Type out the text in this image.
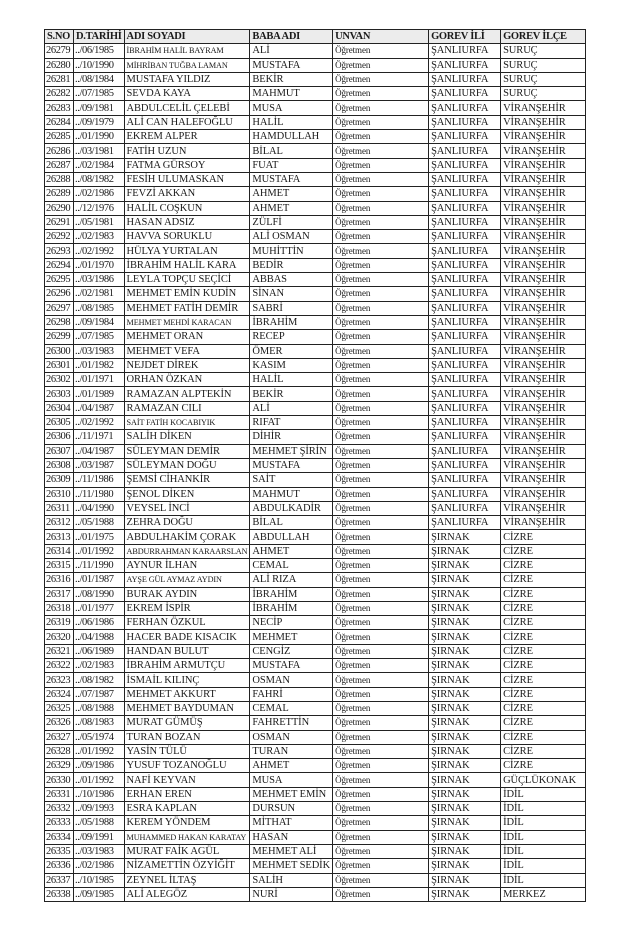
S.NO	D.TARİHİ	ADI SOYADI	BABA ADI	UNVAN	GOREV İLİ	GOREV İLÇE
26279	../06/1985	İBRAHİM HALİL BAYRAM	ALİ	Öğretmen	ŞANLIURFA	SURUÇ
26280	../10/1990	MİHRİBAN TUĞBA LAMAN	MUSTAFA	Öğretmen	ŞANLIURFA	SURUÇ
26281	../08/1984	MUSTAFA YILDIZ	BEKİR	Öğretmen	ŞANLIURFA	SURUÇ
26282	../07/1985	SEVDA KAYA	MAHMUT	Öğretmen	ŞANLIURFA	SURUÇ
26283	../09/1981	ABDULCELİL ÇELEBİ	MUSA	Öğretmen	ŞANLIURFA	VİRANŞEHİR
26284	../09/1979	ALİ CAN HALEFOĞLU	HALİL	Öğretmen	ŞANLIURFA	VİRANŞEHİR
26285	../01/1990	EKREM ALPER	HAMDULLAH	Öğretmen	ŞANLIURFA	VİRANŞEHİR
26286	../03/1981	FATİH UZUN	BİLAL	Öğretmen	ŞANLIURFA	VİRANŞEHİR
26287	../02/1984	FATMA GÜRSOY	FUAT	Öğretmen	ŞANLIURFA	VİRANŞEHİR
26288	../08/1982	FESİH ULUMASKAN	MUSTAFA	Öğretmen	ŞANLIURFA	VİRANŞEHİR
26289	../02/1986	FEVZİ AKKAN	AHMET	Öğretmen	ŞANLIURFA	VİRANŞEHİR
26290	../12/1976	HALİL COŞKUN	AHMET	Öğretmen	ŞANLIURFA	VİRANŞEHİR
26291	../05/1981	HASAN ADSIZ	ZÜLFİ	Öğretmen	ŞANLIURFA	VİRANŞEHİR
26292	../02/1983	HAVVA SORUKLU	ALİ OSMAN	Öğretmen	ŞANLIURFA	VİRANŞEHİR
26293	../02/1992	HÜLYA YURTALAN	MUHİTTİN	Öğretmen	ŞANLIURFA	VİRANŞEHİR
26294	../01/1970	İBRAHİM HALİL KARA	BEDİR	Öğretmen	ŞANLIURFA	VİRANŞEHİR
26295	../03/1986	LEYLA TOPÇU SEÇİCİ	ABBAS	Öğretmen	ŞANLIURFA	VİRANŞEHİR
26296	../02/1981	MEHMET EMİN KUDİN	SİNAN	Öğretmen	ŞANLIURFA	VİRANŞEHİR
26297	../08/1985	MEHMET FATİH DEMİR	SABRİ	Öğretmen	ŞANLIURFA	VİRANŞEHİR
26298	../09/1984	MEHMET MEHDİ KARACAN	İBRAHİM	Öğretmen	ŞANLIURFA	VİRANŞEHİR
26299	../07/1985	MEHMET ORAN	RECEP	Öğretmen	ŞANLIURFA	VİRANŞEHİR
26300	../03/1983	MEHMET VEFA	ÖMER	Öğretmen	ŞANLIURFA	VİRANŞEHİR
26301	../01/1982	NEJDET DİREK	KASIM	Öğretmen	ŞANLIURFA	VİRANŞEHİR
26302	../01/1971	ORHAN ÖZKAN	HALİL	Öğretmen	ŞANLIURFA	VİRANŞEHİR
26303	../01/1989	RAMAZAN ALPTEKİN	BEKİR	Öğretmen	ŞANLIURFA	VİRANŞEHİR
26304	../04/1987	RAMAZAN CILI	ALİ	Öğretmen	ŞANLIURFA	VİRANŞEHİR
26305	../02/1992	SAİT FATİH KOCABIYIK	RIFAT	Öğretmen	ŞANLIURFA	VİRANŞEHİR
26306	../11/1971	SALİH DİKEN	DİHİR	Öğretmen	ŞANLIURFA	VİRANŞEHİR
26307	../04/1987	SÜLEYMAN DEMİR	MEHMET ŞİRİN	Öğretmen	ŞANLIURFA	VİRANŞEHİR
26308	../03/1987	SÜLEYMAN DOĞU	MUSTAFA	Öğretmen	ŞANLIURFA	VİRANŞEHİR
26309	../11/1986	ŞEMSİ CİHANKİR	SAİT	Öğretmen	ŞANLIURFA	VİRANŞEHİR
26310	../11/1980	ŞENOL DİKEN	MAHMUT	Öğretmen	ŞANLIURFA	VİRANŞEHİR
26311	../04/1990	VEYSEL İNCİ	ABDULKADİR	Öğretmen	ŞANLIURFA	VİRANŞEHİR
26312	../05/1988	ZEHRA DOĞU	BİLAL	Öğretmen	ŞANLIURFA	VİRANŞEHİR
26313	../01/1975	ABDULHAKİM ÇORAK	ABDULLAH	Öğretmen	ŞIRNAK	CİZRE
26314	../01/1992	ABDURRAHMAN KARAARSLAN	AHMET	Öğretmen	ŞIRNAK	CİZRE
26315	../11/1990	AYNUR İLHAN	CEMAL	Öğretmen	ŞIRNAK	CİZRE
26316	../01/1987	AYŞE GÜL AYMAZ AYDIN	ALİ RIZA	Öğretmen	ŞIRNAK	CİZRE
26317	../08/1990	BURAK AYDIN	İBRAHİM	Öğretmen	ŞIRNAK	CİZRE
26318	../01/1977	EKREM İSPİR	İBRAHİM	Öğretmen	ŞIRNAK	CİZRE
26319	../06/1986	FERHAN ÖZKUL	NECİP	Öğretmen	ŞIRNAK	CİZRE
26320	../04/1988	HACER BADE KISACIK	MEHMET	Öğretmen	ŞIRNAK	CİZRE
26321	../06/1989	HANDAN BULUT	CENGİZ	Öğretmen	ŞIRNAK	CİZRE
26322	../02/1983	İBRAHİM ARMUTÇU	MUSTAFA	Öğretmen	ŞIRNAK	CİZRE
26323	../08/1982	İSMAİL KILINÇ	OSMAN	Öğretmen	ŞIRNAK	CİZRE
26324	../07/1987	MEHMET AKKURT	FAHRİ	Öğretmen	ŞIRNAK	CİZRE
26325	../08/1988	MEHMET BAYDUMAN	CEMAL	Öğretmen	ŞIRNAK	CİZRE
26326	../08/1983	MURAT GÜMÜŞ	FAHRETTİN	Öğretmen	ŞIRNAK	CİZRE
26327	../05/1974	TURAN BOZAN	OSMAN	Öğretmen	ŞIRNAK	CİZRE
26328	../01/1992	YASİN TÜLÜ	TURAN	Öğretmen	ŞIRNAK	CİZRE
26329	../09/1986	YUSUF TOZANOĞLU	AHMET	Öğretmen	ŞIRNAK	CİZRE
26330	../01/1992	NAFİ KEYVAN	MUSA	Öğretmen	ŞIRNAK	GÜÇLÜKONAK
26331	../10/1986	ERHAN EREN	MEHMET EMİN	Öğretmen	ŞIRNAK	İDİL
26332	../09/1993	ESRA KAPLAN	DURSUN	Öğretmen	ŞIRNAK	İDİL
26333	../05/1988	KEREM YÖNDEM	MİTHAT	Öğretmen	ŞIRNAK	İDİL
26334	../09/1991	MUHAMMED HAKAN KARATAY	HASAN	Öğretmen	ŞIRNAK	İDİL
26335	../03/1983	MURAT FAİK AGÜL	MEHMET ALİ	Öğretmen	ŞIRNAK	İDİL
26336	../02/1986	NİZAMETTİN ÖZYİĞİT	MEHMET SEDİK	Öğretmen	ŞIRNAK	İDİL
26337	../10/1985	ZEYNEL İLTAŞ	SALİH	Öğretmen	ŞIRNAK	İDİL
26338	../09/1985	ALİ ALEGÖZ	NURİ	Öğretmen	ŞIRNAK	MERKEZ
